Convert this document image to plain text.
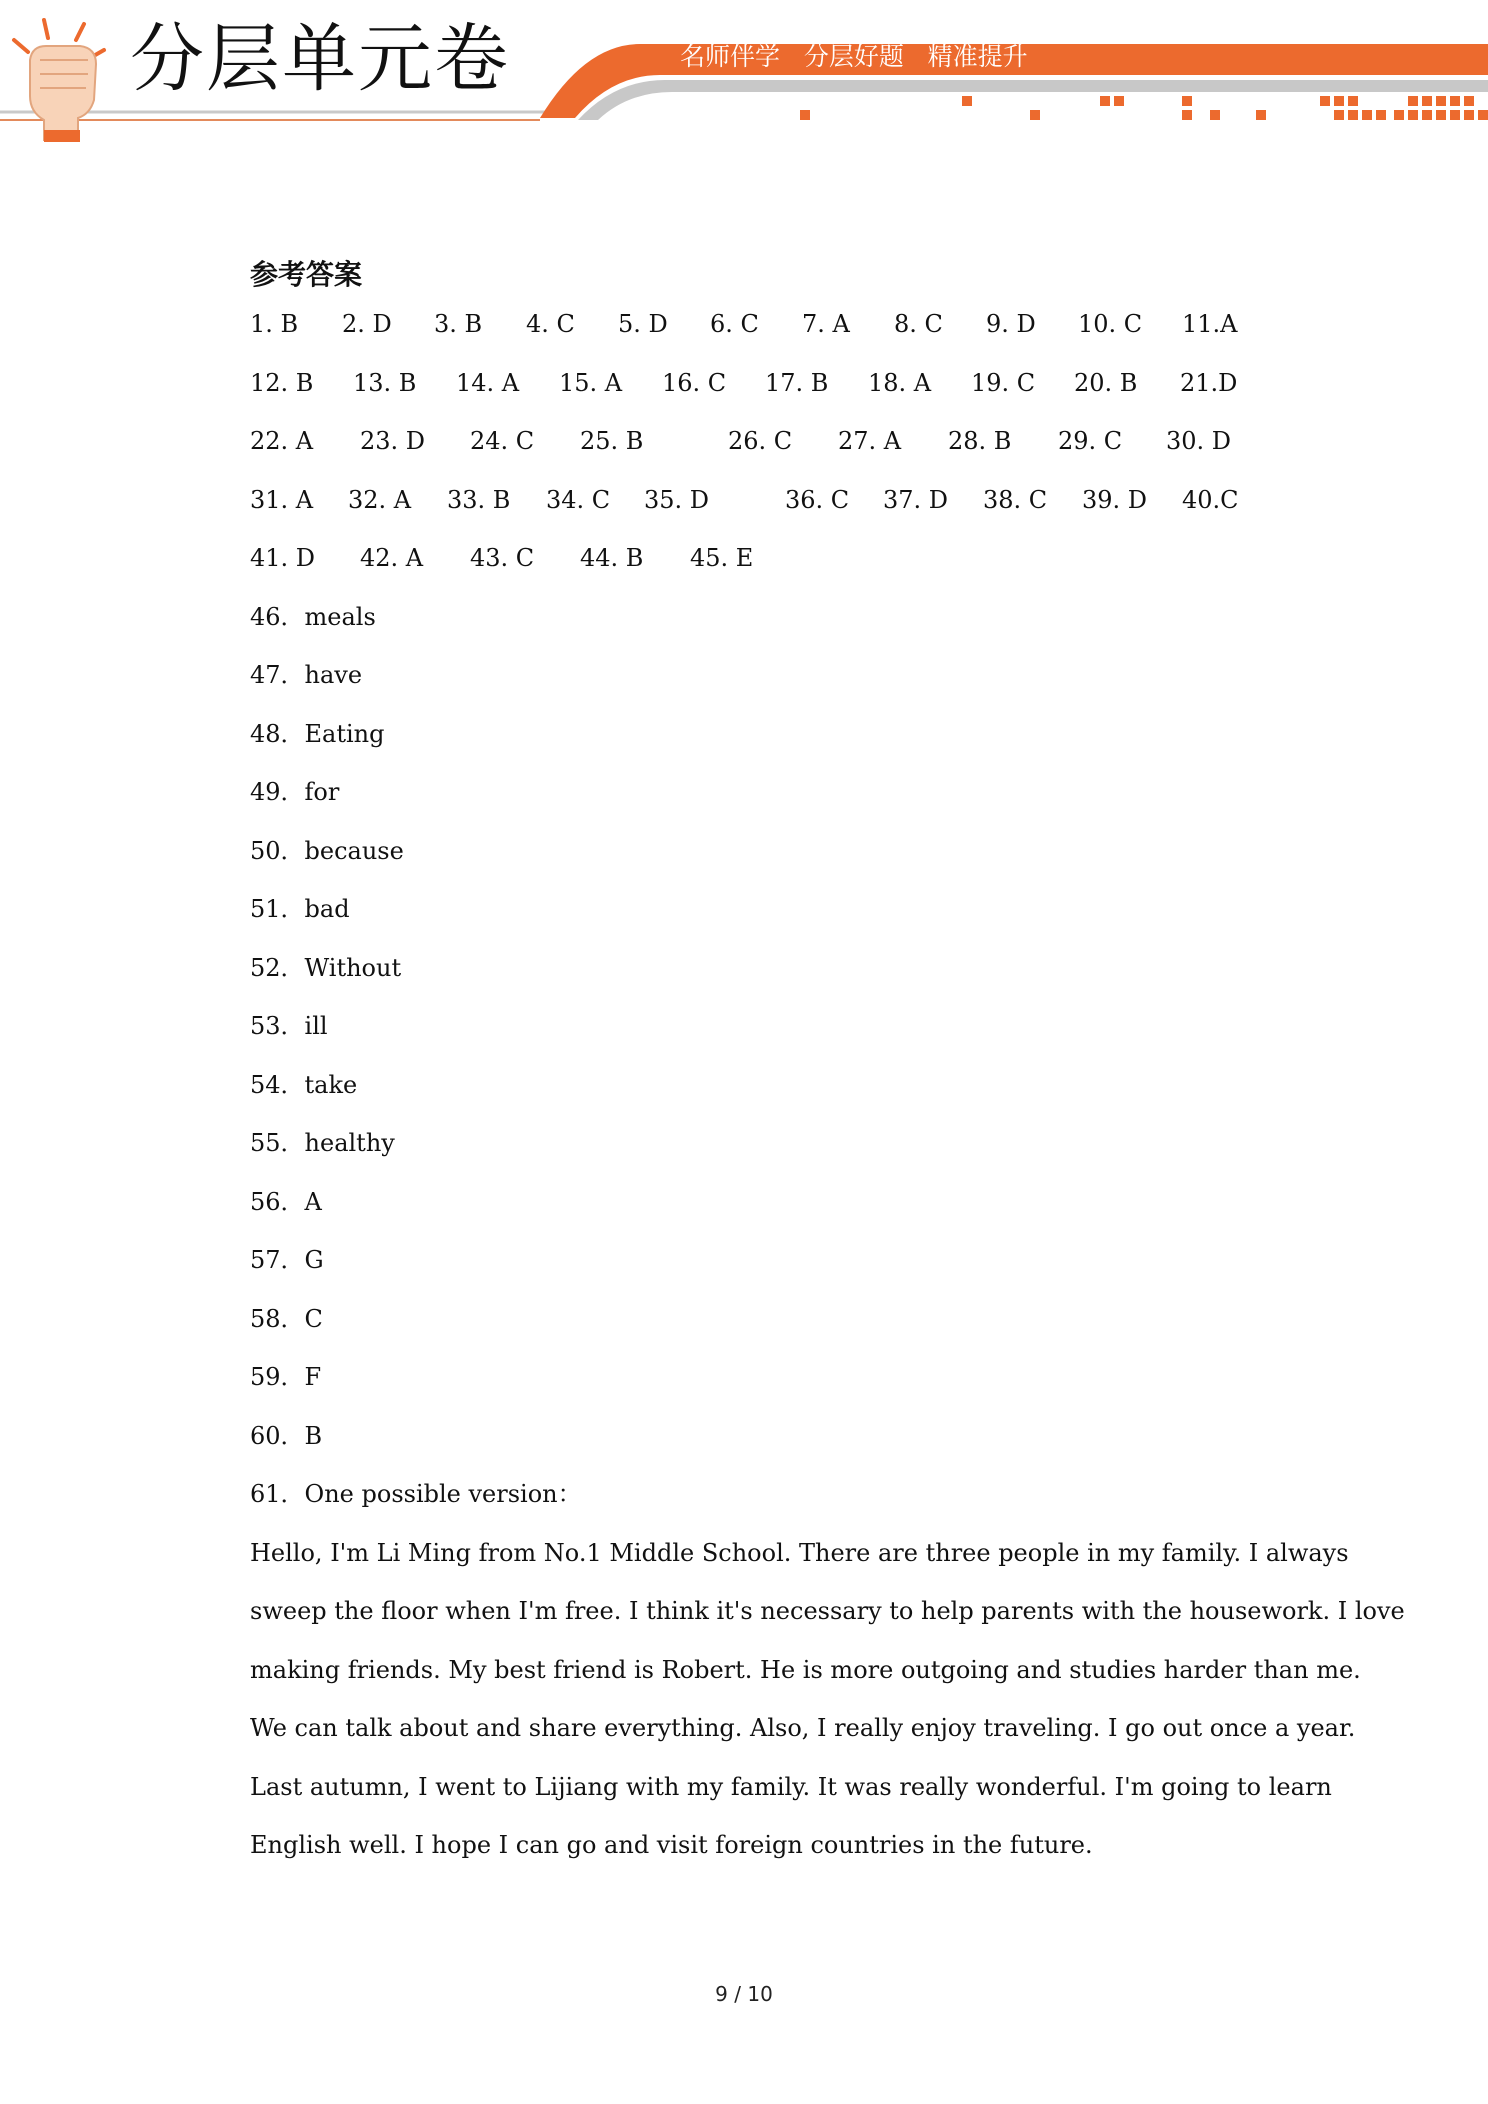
分层单元卷	名师伴学   分层好题   精准提升
参考答案
1. B 2. D 3. B 4. C 5. D 6. C 7. A 8. C 9. D 10. C 11.A
12. B 13. B 14. A 15. A 16. C 17. B 18. A 19. C 20. B 21.D
22. A 23. D 24. C 25. B	26. C 27. A 28. B 29. C 30. D
31. A 32. A 33. B 34. C 35. D	36. C 37. D 38. C 39. D 40.C
41. D 42. A 43. C 44. B 45. E
46．meals
47．have
48．Eating
49．for
50．because
51．bad
52．Without
53．ill
54．take
55．healthy
56．A
57．G
58．C
59．F
60．B
61．One possible version：
Hello, I'm Li Ming from No.1 Middle School. There are three people in my family. I always
sweep the floor when I'm free. I think it's necessary to help parents with the housework. I love
making friends. My best friend is Robert. He is more outgoing and studies harder than me.
We can talk about and share everything. Also, I really enjoy traveling. I go out once a year.
Last autumn, I went to Lijiang with my family. It was really wonderful. I'm going to learn
English well. I hope I can go and visit foreign countries in the future.
9 / 10
